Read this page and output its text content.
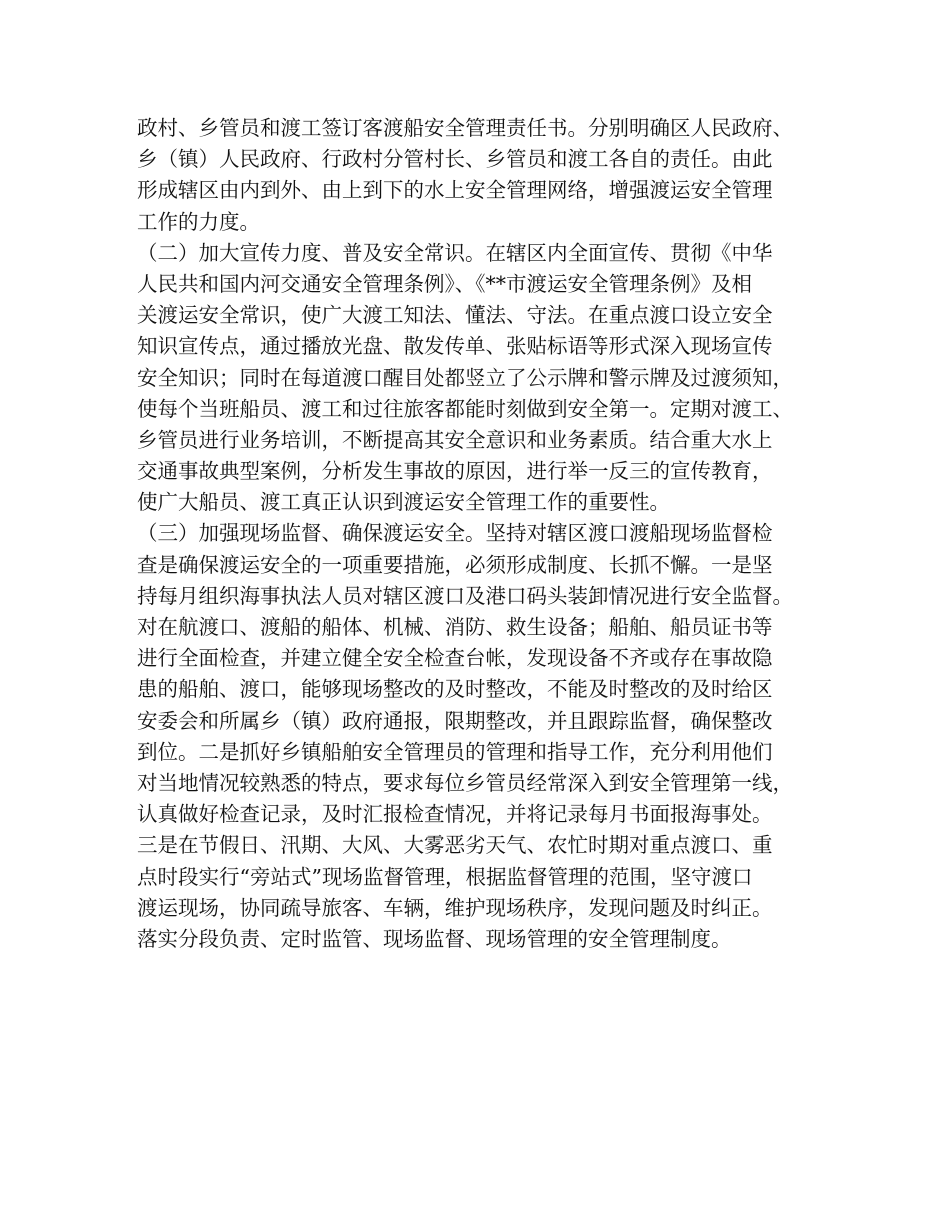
政村、乡管员和渡工签订客渡船安全管理责任书。分别明确区人民政府、
乡（镇）人民政府、行政村分管村长、乡管员和渡工各自的责任。由此
形成辖区由内到外、由上到下的水上安全管理网络，增强渡运安全管理
工作的力度。
（二）加大宣传力度、普及安全常识。在辖区内全面宣传、贯彻《中华
人民共和国内河交通安全管理条例》、《**市渡运安全管理条例》及相
关渡运安全常识，使广大渡工知法、懂法、守法。在重点渡口设立安全
知识宣传点，通过播放光盘、散发传单、张贴标语等形式深入现场宣传
安全知识；同时在每道渡口醒目处都竖立了公示牌和警示牌及过渡须知，
使每个当班船员、渡工和过往旅客都能时刻做到安全第一。定期对渡工、
乡管员进行业务培训，不断提高其安全意识和业务素质。结合重大水上
交通事故典型案例，分析发生事故的原因，进行举一反三的宣传教育，
使广大船员、渡工真正认识到渡运安全管理工作的重要性。
（三）加强现场监督、确保渡运安全。坚持对辖区渡口渡船现场监督检
查是确保渡运安全的一项重要措施，必须形成制度、长抓不懈。一是坚
持每月组织海事执法人员对辖区渡口及港口码头装卸情况进行安全监督。
对在航渡口、渡船的船体、机械、消防、救生设备；船舶、船员证书等
进行全面检查，并建立健全安全检查台帐，发现设备不齐或存在事故隐
患的船舶、渡口，能够现场整改的及时整改，不能及时整改的及时给区
安委会和所属乡（镇）政府通报，限期整改，并且跟踪监督，确保整改
到位。二是抓好乡镇船舶安全管理员的管理和指导工作，充分利用他们
对当地情况较熟悉的特点，要求每位乡管员经常深入到安全管理第一线，
认真做好检查记录，及时汇报检查情况，并将记录每月书面报海事处。
三是在节假日、汛期、大风、大雾恶劣天气、农忙时期对重点渡口、重
点时段实行“旁站式”现场监督管理，根据监督管理的范围，坚守渡口
渡运现场，协同疏导旅客、车辆，维护现场秩序，发现问题及时纠正。
落实分段负责、定时监管、现场监督、现场管理的安全管理制度。
